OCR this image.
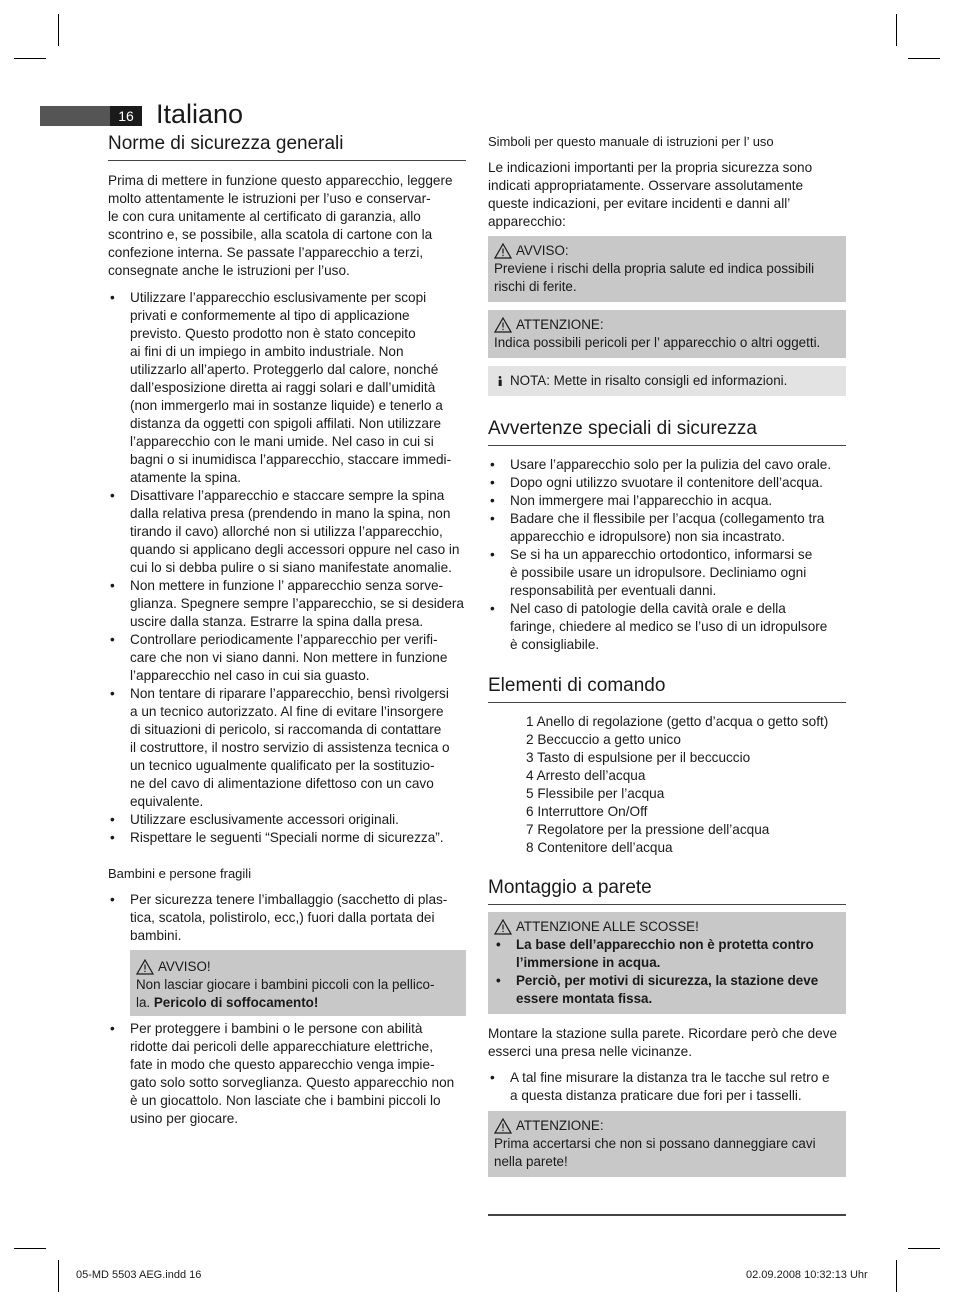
16 Italiano
Norme di sicurezza generali

Prima di mettere in funzione questo apparecchio, leggere

molto attentamente le istruzioni per l’uso e conservar-

le con cura unitamente al certificato di garanzia, allo

scontrino e, se possibile, alla scatola di cartone con la

confezione interna. Se passate l’apparecchio a terzi,

consegnate anche le istruzioni per l’uso.

• Utilizzare l’apparecchio esclusivamente per scopi
privati e conformemente al tipo di applicazione
previsto. Questo prodotto non è stato concepito
ai fini di un impiego in ambito industriale. Non
utilizzarlo all’aperto. Proteggerlo dal calore, nonché
dall’esposizione diretta ai raggi solari e dall’umidità
(non immergerlo mai in sostanze liquide) e tenerlo a
distanza da oggetti con spigoli affilati. Non utilizzare
l’apparecchio con le mani umide. Nel caso in cui si
bagni o si inumidisca l’apparecchio, staccare immedi-
atamente la spina.
• Disattivare l’apparecchio e staccare sempre la spina
dalla relativa presa (prendendo in mano la spina, non
tirando il cavo) allorché non si utilizza l’apparecchio,
quando si applicano degli accessori oppure nel caso in
cui lo si debba pulire o si siano manifestate anomalie.
• Non mettere in funzione l’ apparecchio senza sorve-
glianza. Spegnere sempre l’apparecchio, se si desidera
uscire dalla stanza. Estrarre la spina dalla presa.
• Controllare periodicamente l’apparecchio per verifi-
care che non vi siano danni. Non mettere in funzione
l’apparecchio nel caso in cui sia guasto.
• Non tentare di riparare l’apparecchio, bensì rivolgersi
a un tecnico autorizzato. Al fine di evitare l’insorgere
di situazioni di pericolo, si raccomanda di contattare
il costruttore, il nostro servizio di assistenza tecnica o
un tecnico ugualmente qualificato per la sostituzio-
ne del cavo di alimentazione difettoso con un cavo
equivalente.
• Utilizzare esclusivamente accessori originali.
• Rispettare le seguenti “Speciali norme di sicurezza”.

Bambini e persone fragili

• Per sicurezza tenere l’imballaggio (sacchetto di plas-
tica, scatola, polistirolo, ecc,) fuori dalla portata dei
bambini.
AVVISO!
Non lasciar giocare i bambini piccoli con la pellico-
la. Pericolo di soffocamento!
• Per proteggere i bambini o le persone con abilità
ridotte dai pericoli delle apparecchiature elettriche,
fate in modo che questo apparecchio venga impie-
gato solo sotto sorveglianza. Questo apparecchio non
è un giocattolo. Non lasciate che i bambini piccoli lo
usino per giocare.

Simboli per questo manuale di istruzioni per l’ uso

Le indicazioni importanti per la propria sicurezza sono

indicati appropriatamente. Osservare assolutamente

queste indicazioni, per evitare incidenti e danni all’

apparecchio:

AVVISO:
Previene i rischi della propria salute ed indica possibili
rischi di ferite.
ATTENZIONE:
Indica possibili pericoli per l’ apparecchio o altri oggetti.
NOTA:
Mette in risalto consigli ed informazioni.
Avvertenze speciali di sicurezza
• Usare l’apparecchio solo per la pulizia del cavo orale.
• Dopo ogni utilizzo svuotare il contenitore dell’acqua.
• Non immergere mai l’apparecchio in acqua.
• Badare che il flessibile per l’acqua (collegamento tra
apparecchio e idropulsore) non sia incastrato.
• Se si ha un apparecchio ortodontico, informarsi se
è possibile usare un idropulsore. Decliniamo ogni
responsabilità per eventuali danni.
• Nel caso di patologie della cavità orale e della
faringe, chiedere al medico se l’uso di un idropulsore
è consigliabile.
Elementi di comando
1 Anello di regolazione (getto d’acqua o getto soft)
2 Beccuccio a getto unico
3 Tasto di espulsione per il beccuccio
4 Arresto dell’acqua
5 Flessibile per l’acqua
6 Interruttore On/Off
7 Regolatore per la pressione dell’acqua
8 Contenitore dell’acqua
Montaggio a parete
ATTENZIONE ALLE SCOSSE!
• La base dell’apparecchio non è protetta contro
l’immersione in acqua.
• Perciò, per motivi di sicurezza, la stazione deve
essere montata fissa.

Montare la stazione sulla parete. Ricordare però che deve

esserci una presa nelle vicinanze.

• A tal fine misurare la distanza tra le tacche sul retro e
a questa distanza praticare due fori per i tasselli.
ATTENZIONE:
Prima accertarsi che non si possano danneggiare cavi
nella parete!
05-MD 5503 AEG.indd 16	02.09.2008 10:32:13 Uhr
